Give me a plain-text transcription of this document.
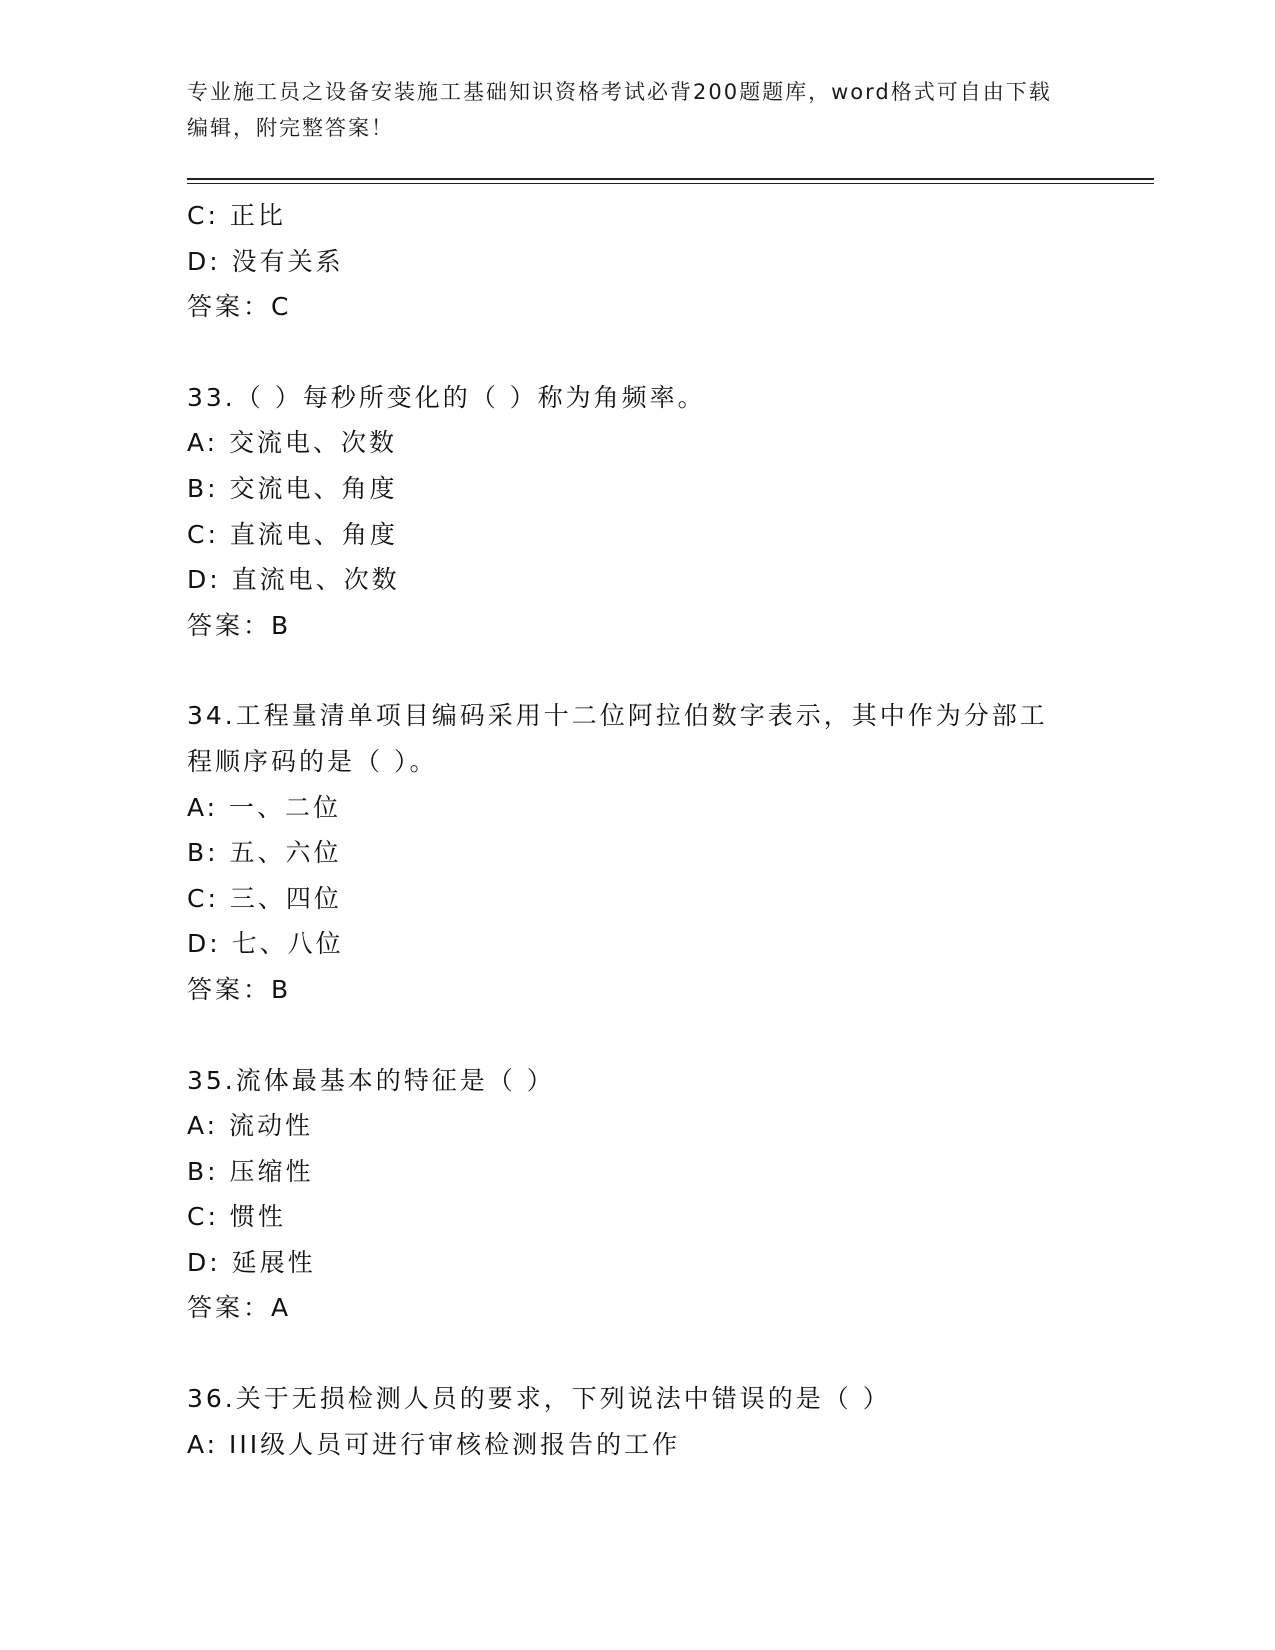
专业施工员之设备安装施工基础知识资格考试必背200题题库，word格式可自由下载编辑，附完整答案！
C: 正比
D: 没有关系
答案：C
33.（ ）每秒所变化的（ ）称为角频率。
A: 交流电、次数
B: 交流电、角度
C: 直流电、角度
D: 直流电、次数
答案：B
34.工程量清单项目编码采用十二位阿拉伯数字表示，其中作为分部工程顺序码的是（ ）。
A: 一、二位
B: 五、六位
C: 三、四位
D: 七、八位
答案：B
35.流体最基本的特征是（ ）
A: 流动性
B: 压缩性
C: 惯性
D: 延展性
答案：A
36.关于无损检测人员的要求，下列说法中错误的是（ ）
A: III级人员可进行审核检测报告的工作
